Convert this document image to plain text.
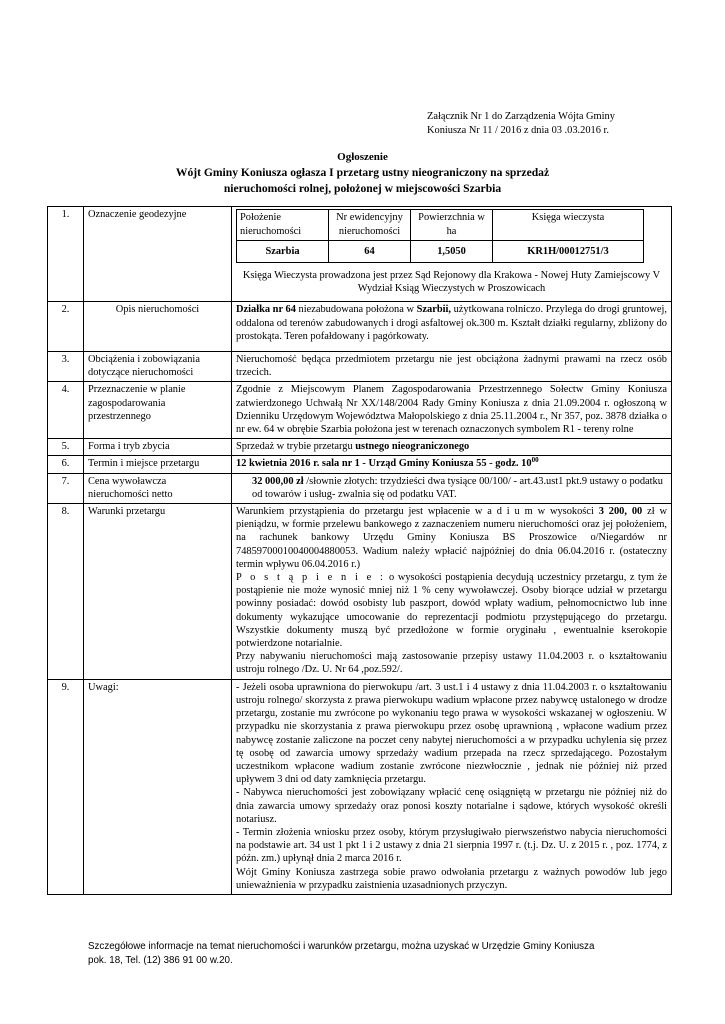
Załącznik Nr 1 do Zarządzenia Wójta Gminy

Koniusza Nr 11 / 2016 z dnia 03 .03.2016 r.

Ogłoszenie

Wójt Gminy Koniusza ogłasza I przetarg ustny nieograniczony na sprzedaż

nieruchomości rolnej, położonej w miejscowości Szarbia

1.	Oznaczenie geodezyjne		Położenie nieruchomości	Nr ewidencyjny nieruchomości	Powierzchnia w ha	Księga wieczysta
Szarbia	64	1,5050	KR1H/00012751/3

Księga Wieczysta prowadzona jest przez Sąd Rejonowy dla Krakowa - Nowej Huty Zamiejscowy V Wydział Ksiąg Wieczystych w Proszowicach

2.	Opis nieruchomości	Działka nr 64 niezabudowana położona w Szarbii, użytkowana rolniczo. Przylega do drogi gruntowej, oddalona od terenów zabudowanych i drogi asfaltowej ok.300 m. Kształt działki regularny, zbliżony do prostokąta. Teren pofałdowany i pagórkowaty.
3.	Obciążenia i zobowiązania dotyczące nieruchomości	Nieruchomość będąca przedmiotem przetargu nie jest obciążona żadnymi prawami na rzecz osób trzecich.
4.	Przeznaczenie w planie zagospodarowania przestrzennego	Zgodnie z Miejscowym Planem Zagospodarowania Przestrzennego Sołectw Gminy Koniusza zatwierdzonego Uchwałą Nr XX/148/2004 Rady Gminy Koniusza z dnia 21.09.2004 r. ogłoszoną w Dzienniku Urzędowym Województwa Małopolskiego z dnia 25.11.2004 r., Nr 357, poz. 3878 działka o nr ew. 64 w obrębie Szarbia położona jest w terenach oznaczonych symbolem R1 - tereny rolne
5.	Forma i tryb zbycia	Sprzedaż w trybie przetargu ustnego nieograniczonego
6.	Termin i miejsce przetargu	12 kwietnia 2016 r. sala nr 1 - Urząd Gminy Koniusza 55 - godz. $10^{00}$
7.	Cena wywoławcza nieruchomości netto	32 000,00 zł /słownie złotych: trzydzieści dwa tysiące 00/100/ - art.43.ust1 pkt.9 ustawy o podatku od towarów i usług- zwalnia się od podatku VAT.
8.	Warunki przetargu	Warunkiem przystąpienia do przetargu jest wpłacenie w a d i u m w wysokości 3 200, 00 zł w pieniądzu, w formie przelewu bankowego z zaznaczeniem numeru nieruchomości oraz jej położeniem, na rachunek bankowy Urzędu Gminy Koniusza BS Proszowice o/Niegardów nr 74859700010040004880053. Wadium należy wpłacić najpóźniej do dnia 06.04.2016 r. (ostateczny termin wpływu 06.04.2016 r.)

P o s t ą p i e n i e : o wysokości postąpienia decydują uczestnicy przetargu, z tym że postąpienie nie może wynosić mniej niż 1 % ceny wywoławczej. Osoby biorące udział w przetargu powinny posiadać: dowód osobisty lub paszport, dowód wpłaty wadium, pełnomocnictwo lub inne dokumenty wykazujące umocowanie do reprezentacji podmiotu przystępującego do przetargu. Wszystkie dokumenty muszą być przedłożone w formie oryginału , ewentualnie kserokopie potwierdzone notarialnie.

Przy nabywaniu nieruchomości mają zastosowanie przepisy ustawy 11.04.2003 r. o kształtowaniu ustroju rolnego /Dz. U. Nr 64 ,poz.592/.

9.	Uwagi:	- Jeżeli osoba uprawniona do pierwokupu /art. 3 ust.1 i 4 ustawy z dnia 11.04.2003 r. o kształtowaniu ustroju rolnego/ skorzysta z prawa pierwokupu wadium wpłacone przez nabywcę ustalonego w drodze przetargu, zostanie mu zwrócone po wykonaniu tego prawa w wysokości wskazanej w ogłoszeniu. W przypadku nie skorzystania z prawa pierwokupu przez osobę uprawnioną , wpłacone wadium przez nabywcę zostanie zaliczone na poczet ceny nabytej nieruchomości a w przypadku uchylenia się przez tę osobę od zawarcia umowy sprzedaży wadium przepada na rzecz sprzedającego. Pozostałym uczestnikom wpłacone wadium zostanie zwrócone niezwłocznie , jednak nie później niż przed upływem 3 dni od daty zamknięcia przetargu.

- Nabywca nieruchomości jest zobowiązany wpłacić cenę osiągniętą w przetargu nie później niż do dnia zawarcia umowy sprzedaży oraz ponosi koszty notarialne i sądowe, których wysokość określi notariusz.

- Termin złożenia wniosku przez osoby, którym przysługiwało pierwszeństwo nabycia nieruchomości na podstawie art. 34 ust 1 pkt 1 i 2 ustawy z dnia 21 sierpnia 1997 r. (t.j. Dz. U. z 2015 r. , poz. 1774, z późn. zm.) upłynął dnia 2 marca 2016 r.

Wójt Gminy Koniusza zastrzega sobie prawo odwołania przetargu z ważnych powodów lub jego unieważnienia w przypadku zaistnienia uzasadnionych przyczyn.

Szczegółowe informacje na temat nieruchomości i warunków przetargu, można uzyskać w Urzędzie Gminy Koniusza

pok. 18, Tel. (12) 386 91 00 w.20.
